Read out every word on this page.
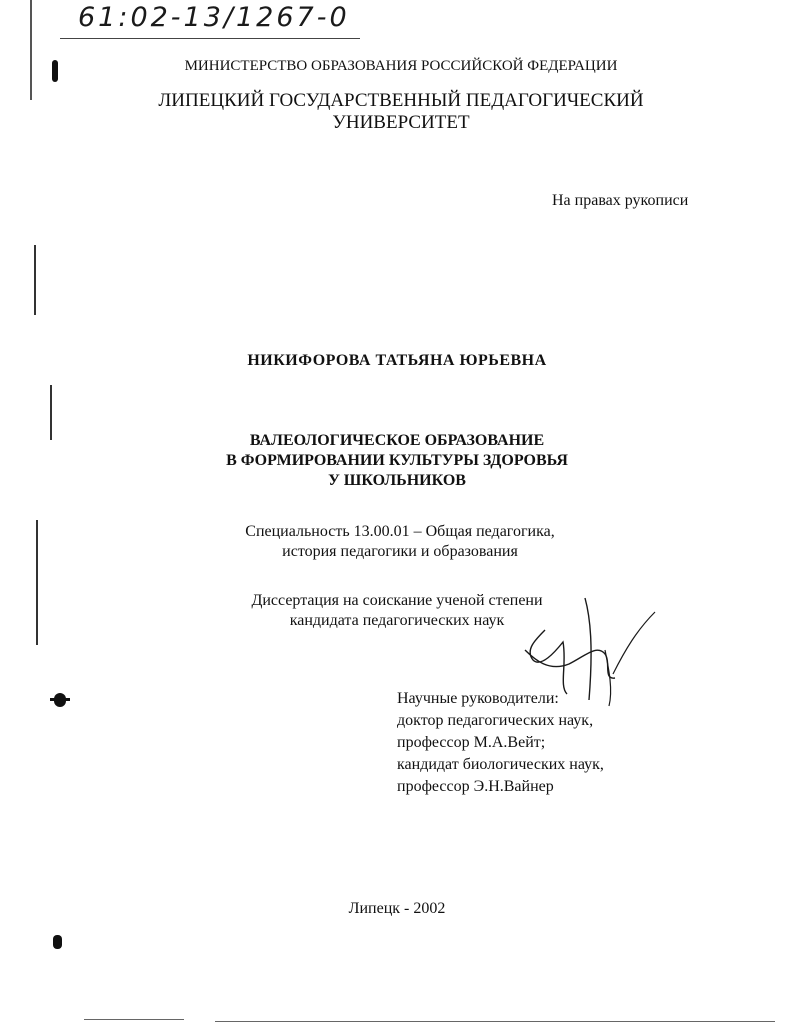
61:02-13/1267-0
МИНИСТЕРСТВО ОБРАЗОВАНИЯ РОССИЙСКОЙ ФЕДЕРАЦИИ
ЛИПЕЦКИЙ ГОСУДАРСТВЕННЫЙ ПЕДАГОГИЧЕСКИЙ
УНИВЕРСИТЕТ
На правах рукописи
НИКИФОРОВА ТАТЬЯНА ЮРЬЕВНА
ВАЛЕОЛОГИЧЕСКОЕ ОБРАЗОВАНИЕ
В ФОРМИРОВАНИИ КУЛЬТУРЫ ЗДОРОВЬЯ
У ШКОЛЬНИКОВ
Специальность 13.00.01 – Общая педагогика,
история педагогики и образования
Диссертация на соискание ученой степени
кандидата педагогических наук
Научные руководители:
доктор педагогических наук,
профессор М.А.Вейт;
кандидат биологических наук,
профессор Э.Н.Вайнер
Липецк - 2002
